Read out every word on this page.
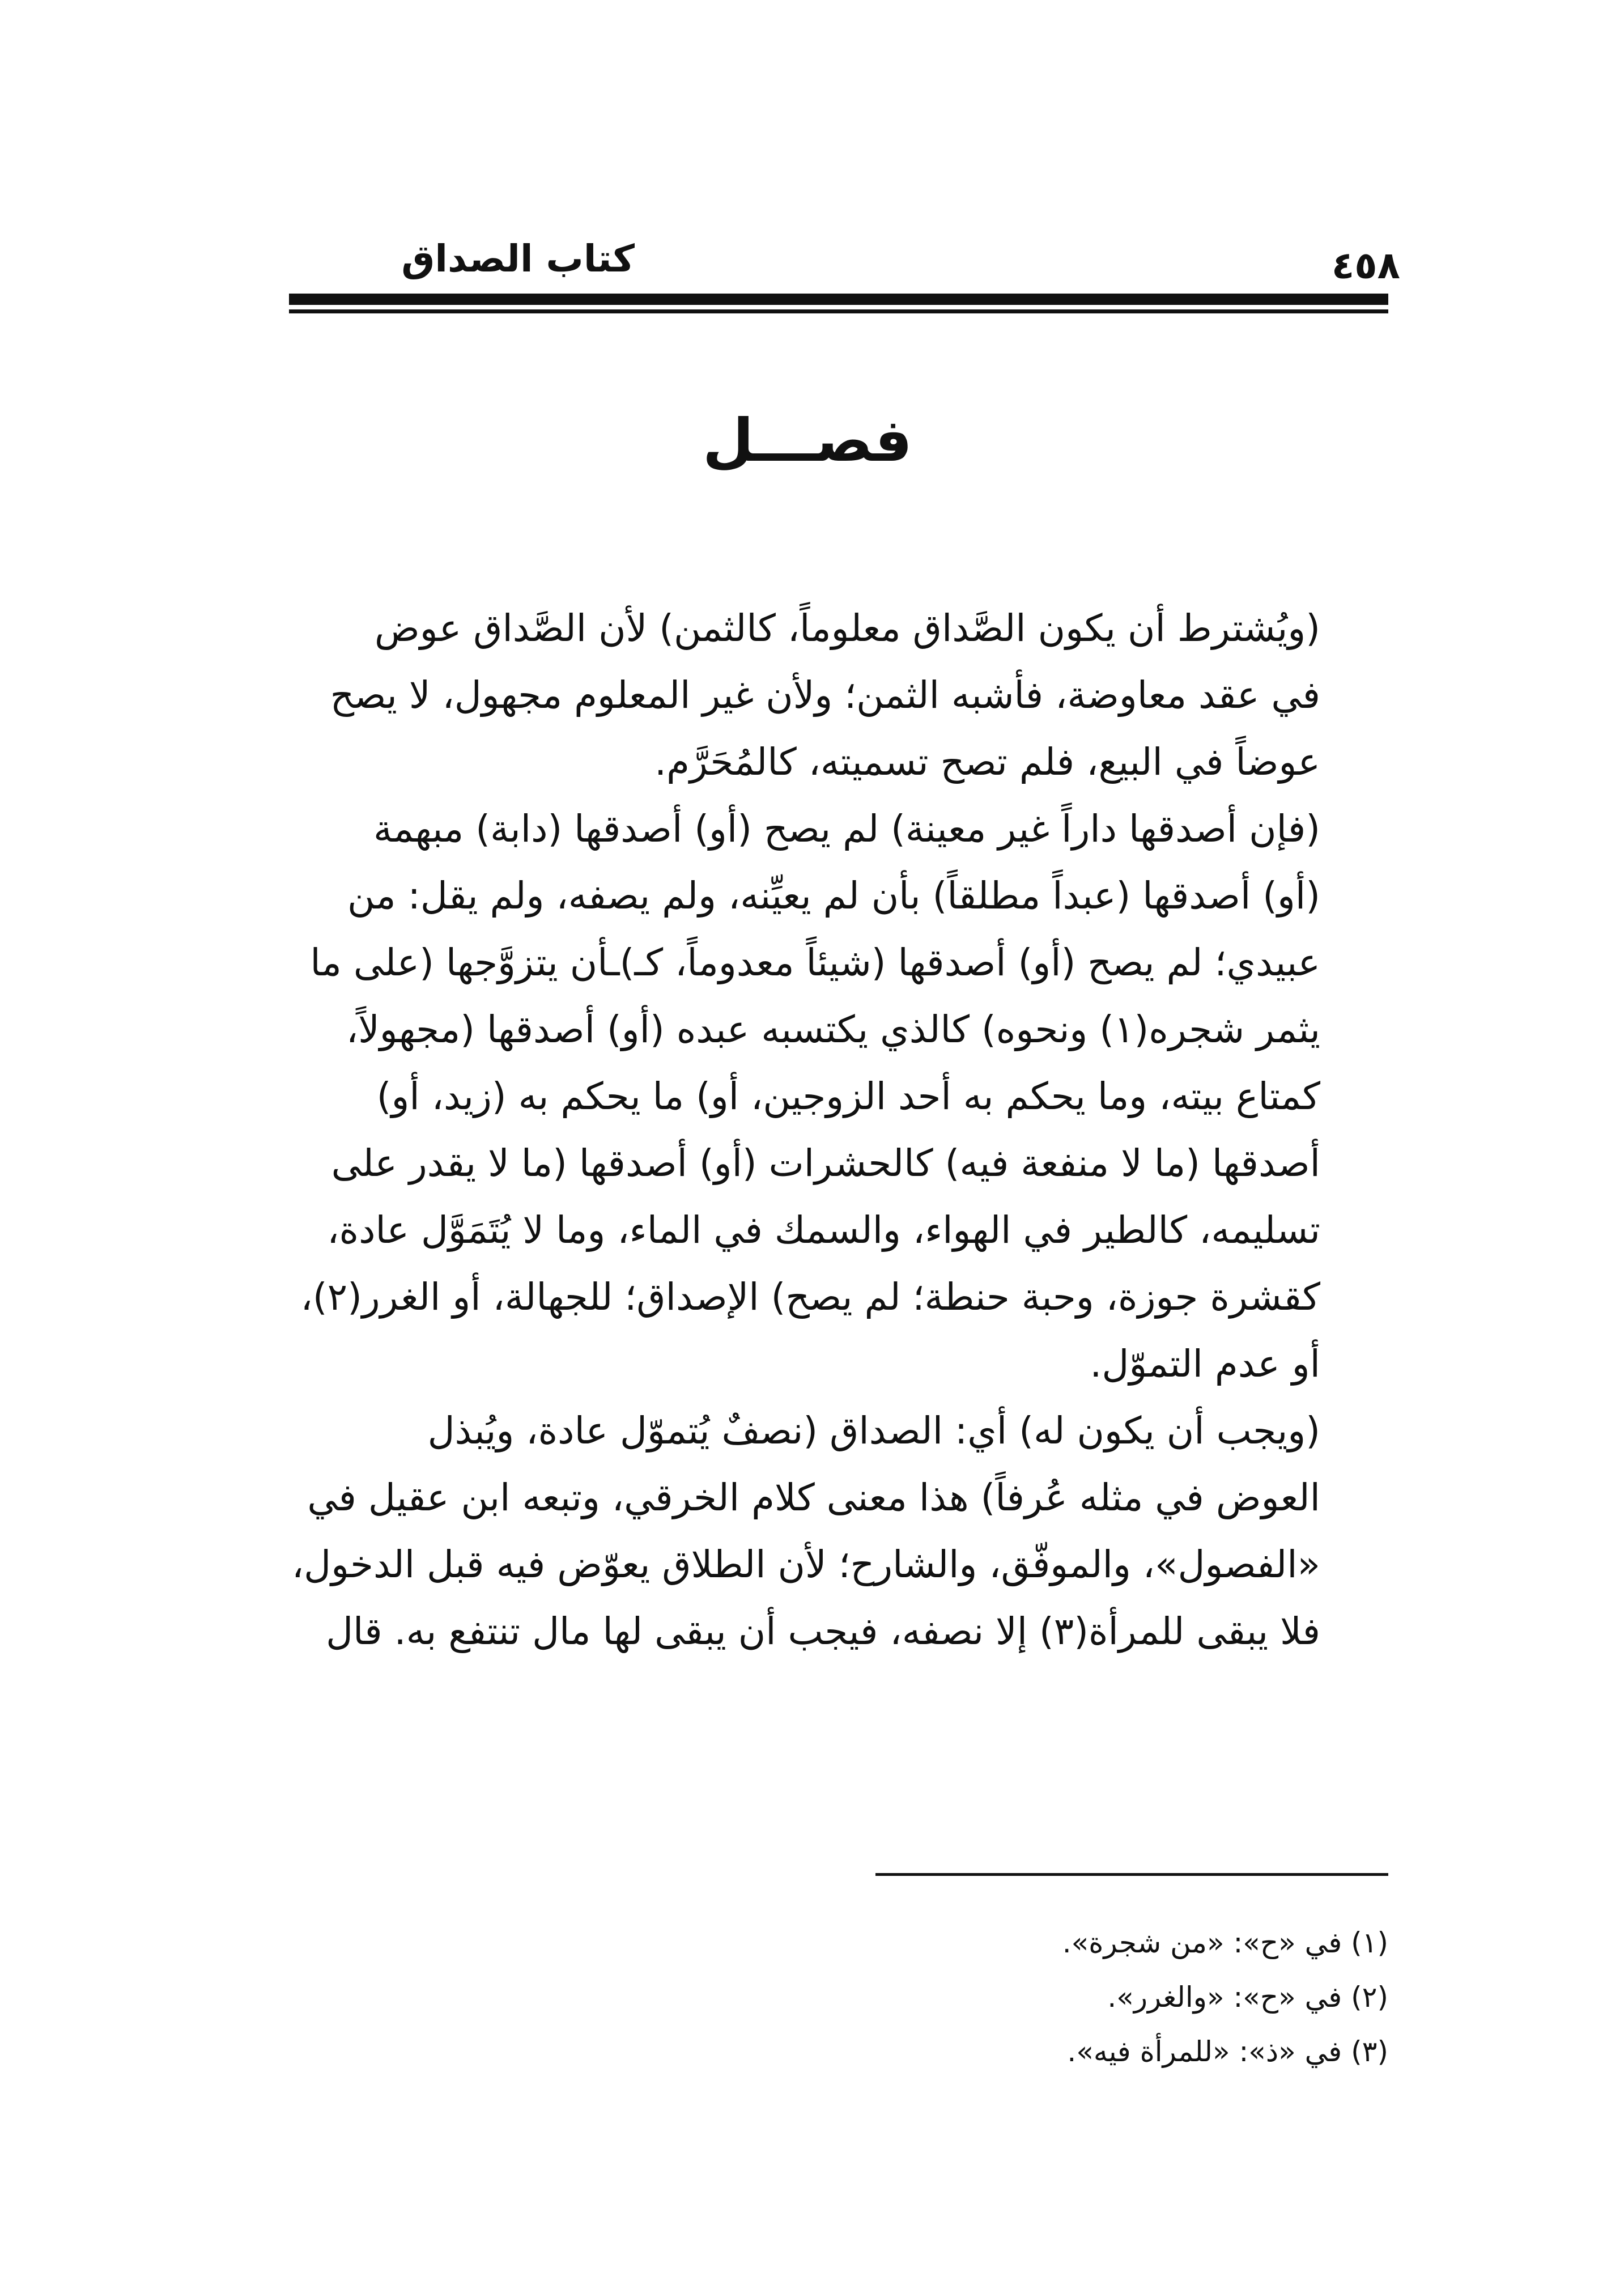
كتاب الصداق	٤٥٨
فصـــل

(ويُشترط أن يكون الصَّداق معلوماً، كالثمن) لأن الصَّداق عوض
في عقد معاوضة، فأشبه الثمن؛ ولأن غير المعلوم مجهول، لا يصح
عوضاً في البيع، فلم تصح تسميته، كالمُحَرَّم.

(فإن أصدقها داراً غير معينة) لم يصح (أو) أصدقها (دابة) مبهمة
(أو) أصدقها (عبداً مطلقاً) بأن لم يعيِّنه، ولم يصفه، ولم يقل: من
عبيدي؛ لم يصح (أو) أصدقها (شيئاً معدوماً، كـ)ـأن يتزوَّجها (على ما
يثمر شجره(١) ونحوه) كالذي يكتسبه عبده (أو) أصدقها (مجهولاً،
كمتاع بيته، وما يحكم به أحد الزوجين، أو) ما يحكم به (زيد، أو)
أصدقها (ما لا منفعة فيه) كالحشرات (أو) أصدقها (ما لا يقدر على
تسليمه، كالطير في الهواء، والسمك في الماء، وما لا يُتَمَوَّل عادة،
كقشرة جوزة، وحبة حنطة؛ لم يصح) الإصداق؛ للجهالة، أو الغرر(٢)،
أو عدم التموّل.

(ويجب أن يكون له) أي: الصداق (نصفٌ يُتموّل عادة، ويُبذل
العوض في مثله عُرفاً) هذا معنى كلام الخرقي، وتبعه ابن عقيل في
«الفصول»، والموفّق، والشارح؛ لأن الطلاق يعوّض فيه قبل الدخول،
فلا يبقى للمرأة(٣) إلا نصفه، فيجب أن يبقى لها مال تنتفع به. قال

(١) في «ح»: «من شجرة».
(٢) في «ح»: «والغرر».
(٣) في «ذ»: «للمرأة فيه».
